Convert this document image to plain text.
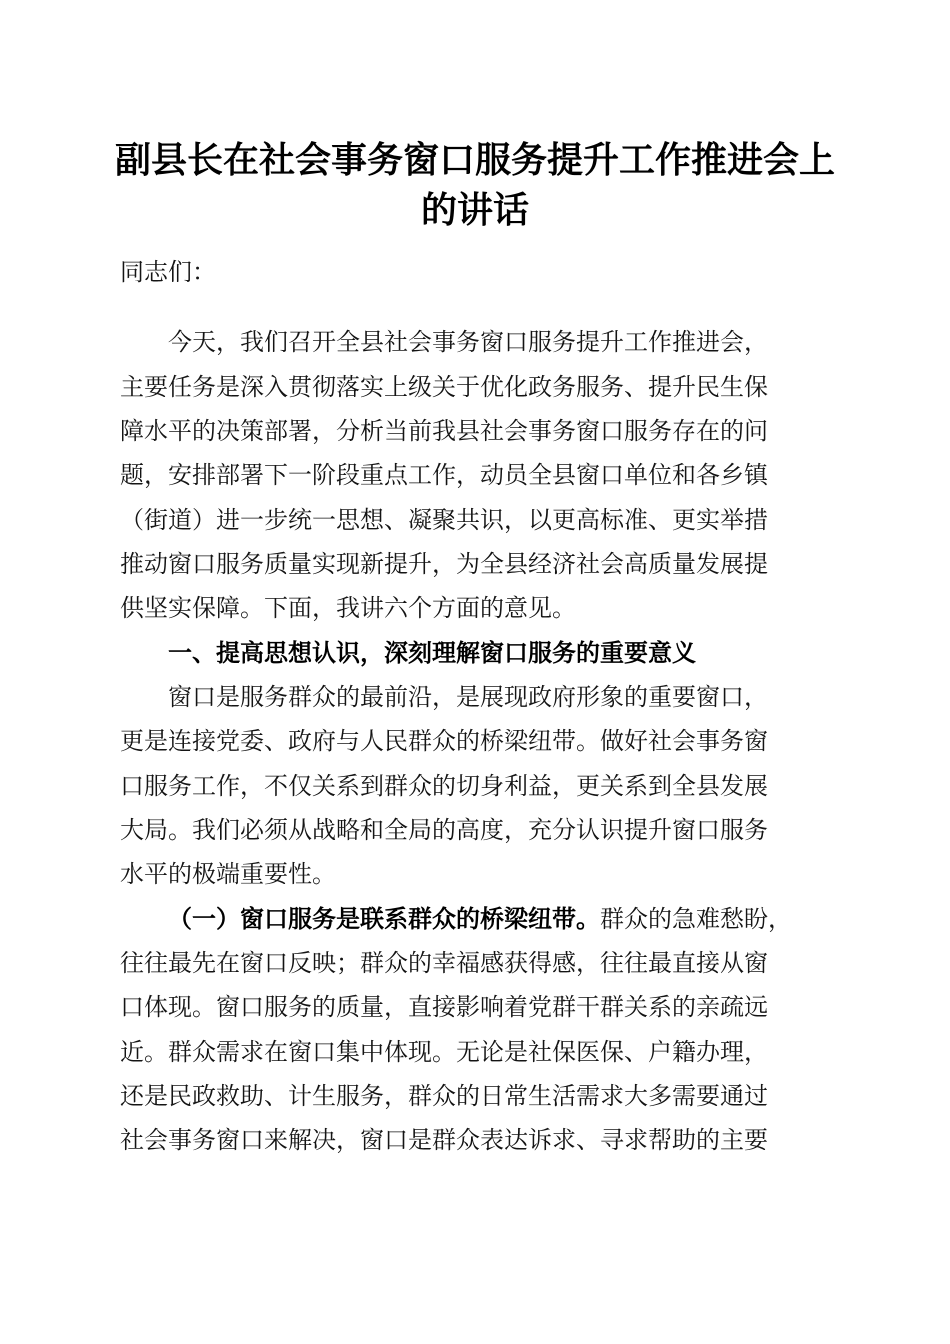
副县长在社会事务窗口服务提升工作推进会上
的讲话
同志们：
今天，我们召开全县社会事务窗口服务提升工作推进会，
主要任务是深入贯彻落实上级关于优化政务服务、提升民生保
障水平的决策部署，分析当前我县社会事务窗口服务存在的问
题，安排部署下一阶段重点工作，动员全县窗口单位和各乡镇
（街道）进一步统一思想、凝聚共识，以更高标准、更实举措
推动窗口服务质量实现新提升，为全县经济社会高质量发展提
供坚实保障。下面，我讲六个方面的意见。
一、提高思想认识，深刻理解窗口服务的重要意义
窗口是服务群众的最前沿，是展现政府形象的重要窗口，
更是连接党委、政府与人民群众的桥梁纽带。做好社会事务窗
口服务工作，不仅关系到群众的切身利益，更关系到全县发展
大局。我们必须从战略和全局的高度，充分认识提升窗口服务
水平的极端重要性。
（一）窗口服务是联系群众的桥梁纽带。群众的急难愁盼，
往往最先在窗口反映；群众的幸福感获得感，往往最直接从窗
口体现。窗口服务的质量，直接影响着党群干群关系的亲疏远
近。群众需求在窗口集中体现。无论是社保医保、户籍办理，
还是民政救助、计生服务，群众的日常生活需求大多需要通过
社会事务窗口来解决，窗口是群众表达诉求、寻求帮助的主要
